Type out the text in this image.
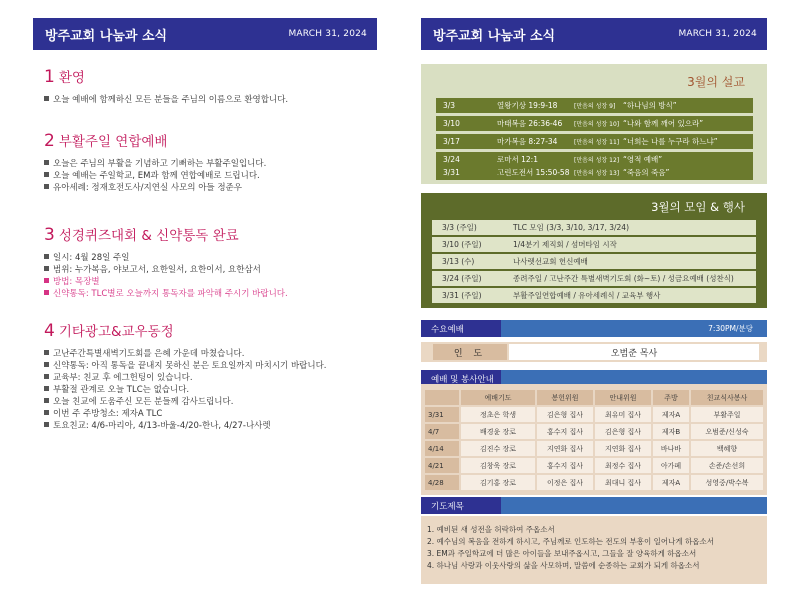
방주교회 나눔과 소식	MARCH 31, 2024
1 환영
오늘 예배에 함께하신 모든 분들을 주님의 이름으로 환영합니다.
2 부활주일 연합예배
오늘은 주님의 부활을 기념하고 기뻐하는 부활주일입니다.
오늘 예배는 주일학교, EM과 함께 연합예배로 드립니다.
유아세례: 정재호전도사/지연실 사모의 아들 정준우
3 성경퀴즈대회 & 신약통독 완료
일시: 4월 28일 주일
범위: 누가복음, 야보고서, 요한일서, 요한이서, 요한삼서
방법: 목장별
신약통독: TLC별로 오늘까지 통독자를 파악해 주시기 바랍니다.
4 기타광고&교우동정
고난주간특별새벽기도회를 은혜 가운데 마쳤습니다.
신약통독: 아직 통독을 끝내지 못하신 분은 토요일까지 마치시기 바랍니다.
교육부: 친교 후 에그헌팅이 있습니다.
부활절 관계로 오늘 TLC는 없습니다.
오늘 친교에 도움주신 모든 분들께 감사드립니다.
이번 주 주방청소: 제자A TLC
토요친교: 4/6-마리아, 4/13-바울-4/20-한나, 4/27-나사렛
방주교회 나눔과 소식	MARCH 31, 2024
3월의 설교
3/3	열왕기상 19:9-18	[만음의 성장 9] “하나님의 방식”
3/10	마태복음 26:36-46 [만음의 성장 10] “나와 함께 깨어 있으라”
3/17	마가복음 8:27-34	[만음의 성장 11] “너희는 나를 누구라 하느냐”
3/24	로마서 12:1	[만음의 성장 12] “영적 예배”
3/31	고린도전서 15:50-58 [만음의 성장 13] “죽음의 죽음”
3월의 모임 & 행사
3/3 (주일)	TLC 모임 (3/3, 3/10, 3/17, 3/24)
3/10 (주일)	1/4분기 제직회 / 섬머타임 시작
3/13 (수)	나사렛선교회 헌신예배
3/24 (주일)	종려주일 / 고난주간 특별새벽기도회 (화~토) / 성금요예배 (성찬식)
3/31 (주일)	부활주일연합예배 / 유아세례식 / 교육부 행사
수요예배	7:30PM/분당
인 도	오범준 목사
예배 및 봉사안내
	예배기도	봉헌위원	안내위원	주방	친교식사봉사
3/31	정초은 학생	김은형 집사	최유미 집사	제자A	부활주일
4/7	배경윤 장로	홍수지 집사	김은형 집사	제자B	오범준/신성숙
4/14	김진수 장로	지연화 집사	지연화 집사	바나바	백혜향
4/21	김창욱 장로	홍수지 집사	최정수 집사	아가페	손준/손선희
4/28	김기홍 장로	이정은 집사	최대니 집사	제자A	성영중/박수복
기도제목
1. 예비된 새 성전을 허락하여 주옵소서
2. 예수님의 복음을 전하게 하시고, 주님께로 인도하는 전도의 부흥이 일어나게 하옵소서
3. EM과 주일학교에 더 많은 아이들을 보내주옵시고, 그들을 잘 양육하게 하옵소서
4. 하나님 사랑과 이웃사랑의 삶을 사모하며, 말씀에 순종하는 교회가 되게 하옵소서
